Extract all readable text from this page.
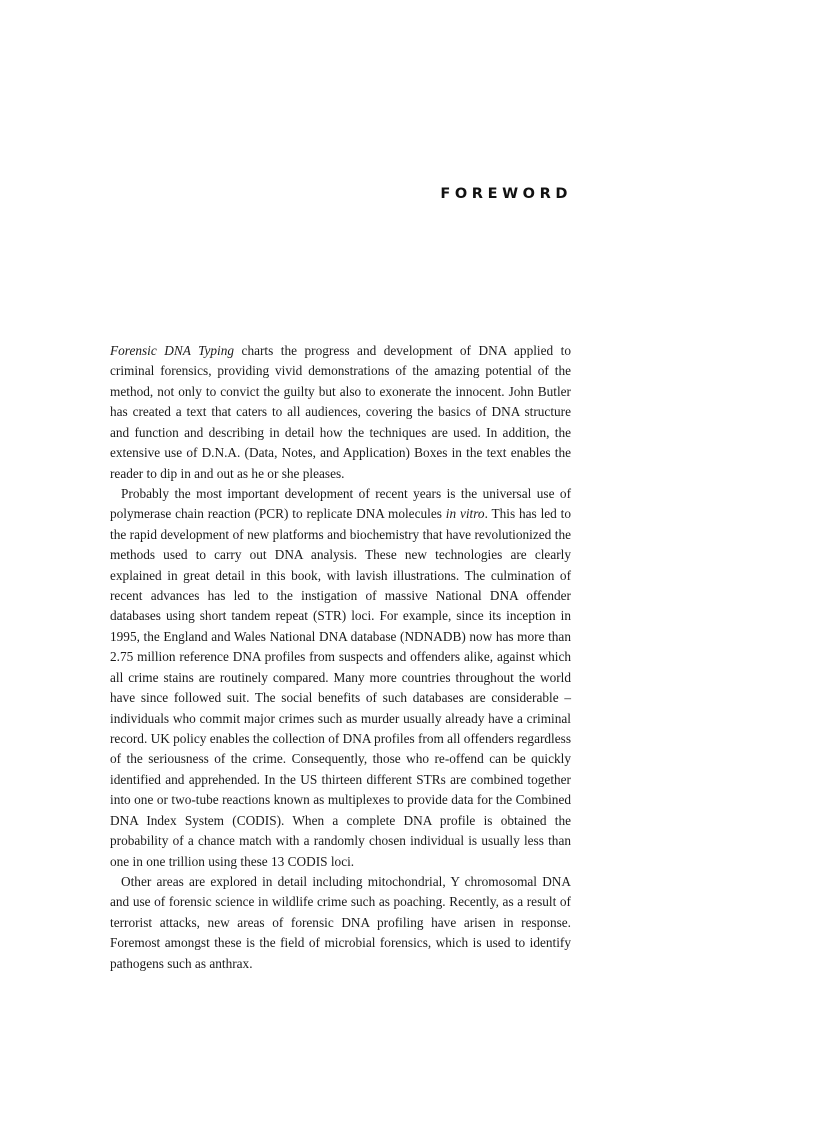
FOREWORD

Forensic DNA Typing charts the progress and development of DNA applied to criminal forensics, providing vivid demonstrations of the amazing potential of the method, not only to convict the guilty but also to exonerate the innocent. John Butler has created a text that caters to all audiences, covering the basics of DNA structure and function and describing in detail how the techniques are used. In addition, the extensive use of D.N.A. (Data, Notes, and Application) Boxes in the text enables the reader to dip in and out as he or she pleases.

Probably the most important development of recent years is the universal use of polymerase chain reaction (PCR) to replicate DNA molecules in vitro. This has led to the rapid development of new platforms and biochemistry that have revolutionized the methods used to carry out DNA analysis. These new technologies are clearly explained in great detail in this book, with lavish illustrations. The culmination of recent advances has led to the instigation of massive National DNA offender databases using short tandem repeat (STR) loci. For example, since its inception in 1995, the England and Wales National DNA database (NDNADB) now has more than 2.75 million reference DNA profiles from suspects and offenders alike, against which all crime stains are routinely compared. Many more countries throughout the world have since followed suit. The social benefits of such databases are considerable – individuals who commit major crimes such as murder usually already have a criminal record. UK policy enables the collection of DNA profiles from all offenders regardless of the seriousness of the crime. Consequently, those who re-offend can be quickly identified and apprehended. In the US thirteen different STRs are combined together into one or two-tube reactions known as multiplexes to provide data for the Combined DNA Index System (CODIS). When a complete DNA profile is obtained the probability of a chance match with a randomly chosen individual is usually less than one in one trillion using these 13 CODIS loci.

Other areas are explored in detail including mitochondrial, Y chromosomal DNA and use of forensic science in wildlife crime such as poaching. Recently, as a result of terrorist attacks, new areas of forensic DNA profiling have arisen in response. Foremost amongst these is the field of microbial forensics, which is used to identify pathogens such as anthrax.
